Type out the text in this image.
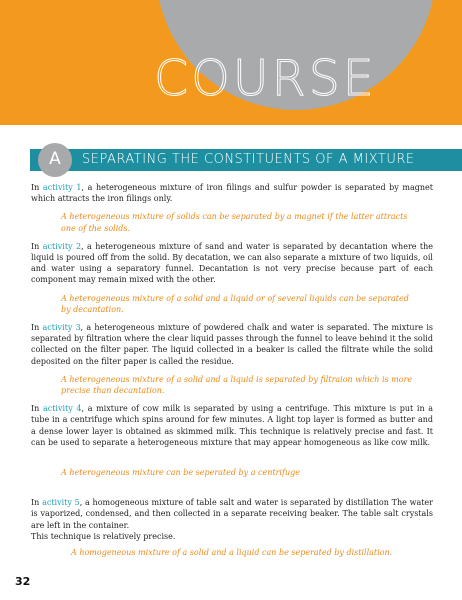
COURSE
A	SEPARATING THE CONSTITUENTS OF A MIXTURE

In activity 1, a heterogeneous mixture of iron filings and sulfur powder is separated by magnet which attracts the iron filings only.

A heterogeneous mixture of solids can be separated by a magnet if the latter attracts one of the solids.

In activity 2, a heterogeneous mixture of sand and water is separated by decantation where the liquid is poured off from the solid. By decatation, we can also separate a mixture of two liquids, oil and water using a separatory funnel. Decantation is not very precise because part of each component may remain mixed with the other.

A heterogeneous mixture of a solid and a liquid or of several liquids can be separated by decantation.

In activity 3, a heterogeneous mixture of powdered chalk and water is separated. The mixture is separated by filtration where the clear liquid passes through the funnel to leave behind it the solid collected on the filter paper. The liquid collected in a beaker is called the filtrate while the solid deposited on the filter paper is called the residue.

A heterogeneous mixture of a solid and a liquid is separated by filtraion which is more precise than decantation.

In activity 4, a mixture of cow milk is separated by using a centrifuge. This mixture is put in a tube in a centrifuge which spins around for few minutes. A light top layer is formed as butter and a dense lower layer is obtained as skimmed milk. This technique is relatively precise and fast. It can be used to separate a heterogeneous mixture that may appear homogeneous as like cow milk.

A heterogeneous mixture can be seperated by a centrifuge

In activity 5, a homogeneous mixture of table salt and water is separated by distillation The water is vaporized, condensed, and then collected in a separate receiving beaker. The table salt crystals are left in the container.

This technique is relatively precise.

A homogeneous mixture of a solid and a liquid can be seperated by distillation.

32
